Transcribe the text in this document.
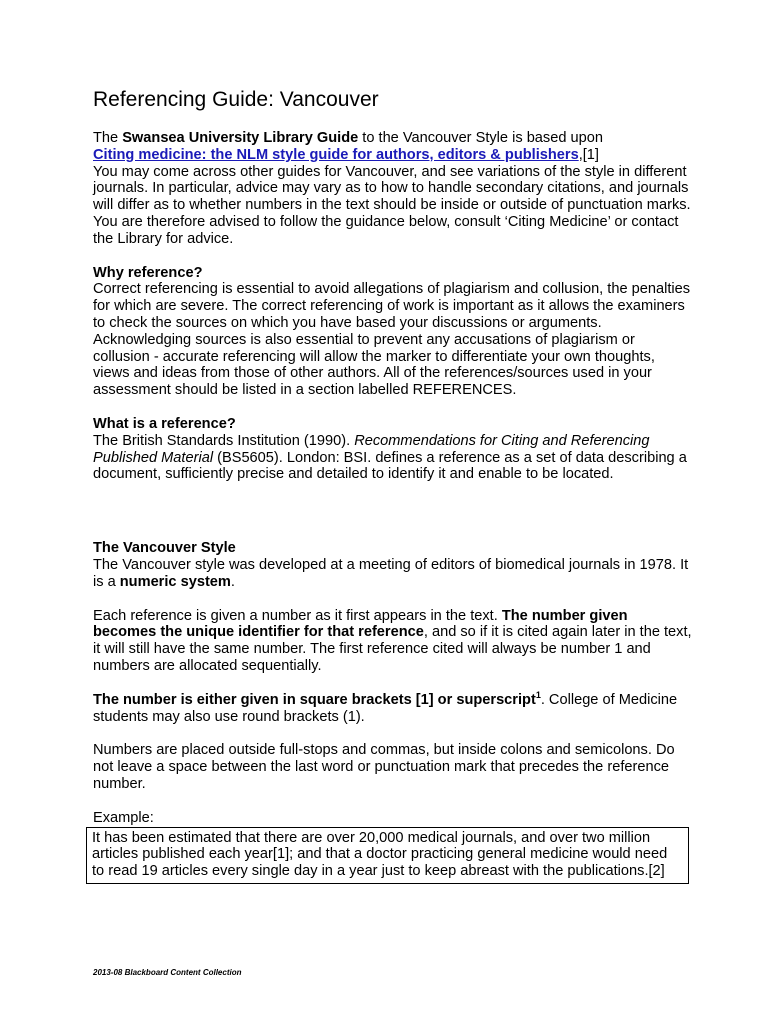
Referencing Guide: Vancouver

The Swansea University Library Guide to the Vancouver Style is based upon
Citing medicine: the NLM style guide for authors, editors & publishers,[1]
You may come across other guides for Vancouver, and see variations of the style in different journals. In particular, advice may vary as to how to handle secondary citations, and journals will differ as to whether numbers in the text should be inside or outside of punctuation marks. You are therefore advised to follow the guidance below, consult ‘Citing Medicine’ or contact the Library for advice.

Why reference?
Correct referencing is essential to avoid allegations of plagiarism and collusion, the penalties for which are severe. The correct referencing of work is important as it allows the examiners to check the sources on which you have based your discussions or arguments. Acknowledging sources is also essential to prevent any accusations of plagiarism or collusion - accurate referencing will allow the marker to differentiate your own thoughts, views and ideas from those of other authors. All of the references/sources used in your assessment should be listed in a section labelled REFERENCES.

What is a reference?
The British Standards Institution (1990). Recommendations for Citing and Referencing Published Material (BS5605). London: BSI. defines a reference as a set of data describing a document, sufficiently precise and detailed to identify it and enable to be located.

The Vancouver Style
The Vancouver style was developed at a meeting of editors of biomedical journals in 1978. It is a numeric system.

Each reference is given a number as it first appears in the text. The number given becomes the unique identifier for that reference, and so if it is cited again later in the text, it will still have the same number. The first reference cited will always be number 1 and numbers are allocated sequentially.

The number is either given in square brackets [1] or superscript$^1$. College of Medicine students may also use round brackets (1).

Numbers are placed outside full-stops and commas, but inside colons and semicolons. Do not leave a space between the last word or punctuation mark that precedes the reference number.

Example:

It has been estimated that there are over 20,000 medical journals, and over two million articles published each year[1]; and that a doctor practicing general medicine would need to read 19 articles every single day in a year just to keep abreast with the publications.[2]
2013-08 Blackboard Content Collection
